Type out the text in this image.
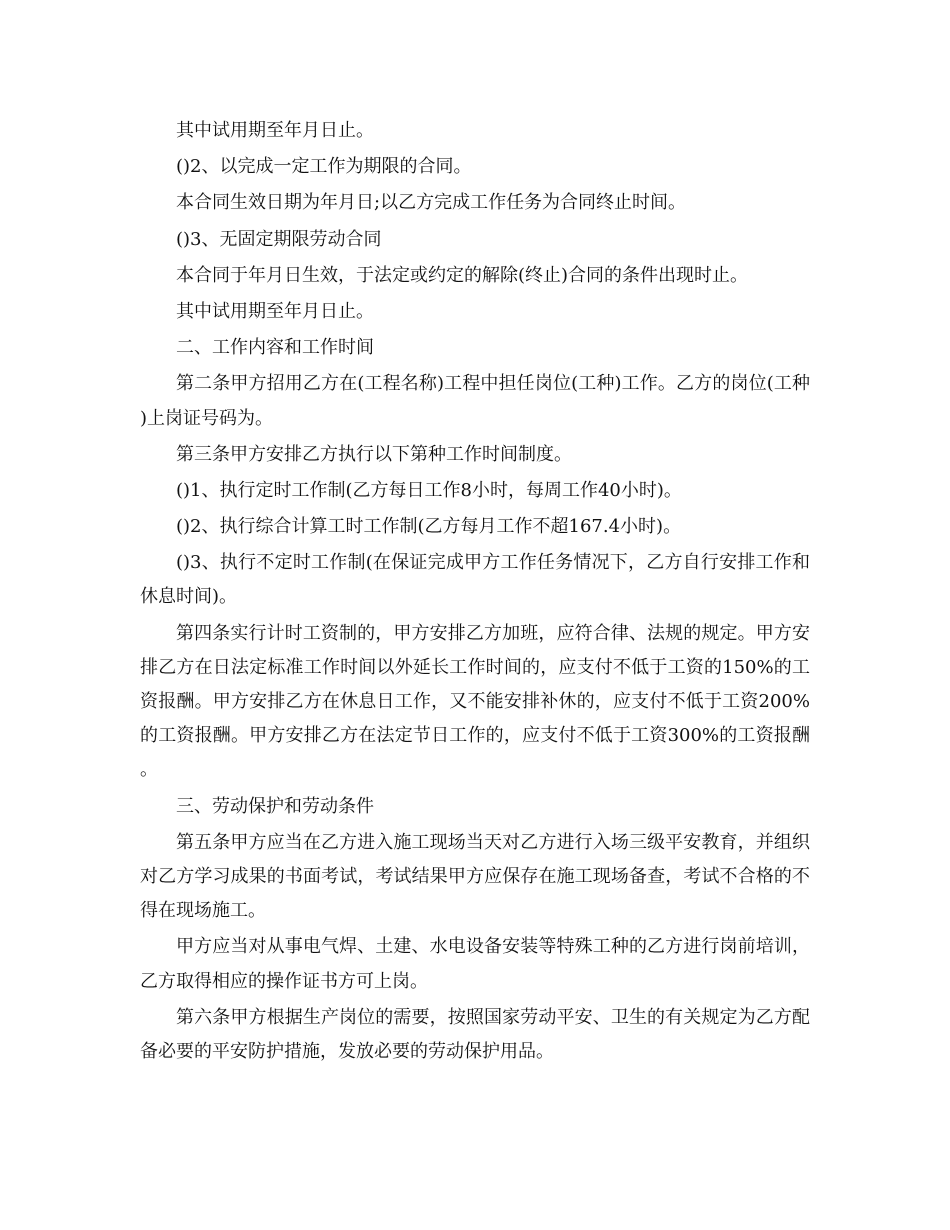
其中试用期至年月日止。

()2、以完成一定工作为期限的合同。

本合同生效日期为年月日;以乙方完成工作任务为合同终止时间。

()3、无固定期限劳动合同

本合同于年月日生效，于法定或约定的解除(终止)合同的条件出现时止。

其中试用期至年月日止。

二、工作内容和工作时间

第二条甲方招用乙方在(工程名称)工程中担任岗位(工种)工作。乙方的岗位(工种)上岗证号码为。

第三条甲方安排乙方执行以下第种工作时间制度。

()1、执行定时工作制(乙方每日工作8小时，每周工作40小时)。

()2、执行综合计算工时工作制(乙方每月工作不超167.4小时)。

()3、执行不定时工作制(在保证完成甲方工作任务情况下，乙方自行安排工作和休息时间)。

第四条实行计时工资制的，甲方安排乙方加班，应符合律、法规的规定。甲方安排乙方在日法定标准工作时间以外延长工作时间的，应支付不低于工资的150%的工资报酬。甲方安排乙方在休息日工作，又不能安排补休的，应支付不低于工资200%的工资报酬。甲方安排乙方在法定节日工作的，应支付不低于工资300%的工资报酬。

三、劳动保护和劳动条件

第五条甲方应当在乙方进入施工现场当天对乙方进行入场三级平安教育，并组织对乙方学习成果的书面考试，考试结果甲方应保存在施工现场备查，考试不合格的不得在现场施工。

甲方应当对从事电气焊、土建、水电设备安装等特殊工种的乙方进行岗前培训，乙方取得相应的操作证书方可上岗。

第六条甲方根据生产岗位的需要，按照国家劳动平安、卫生的有关规定为乙方配备必要的平安防护措施，发放必要的劳动保护用品。
